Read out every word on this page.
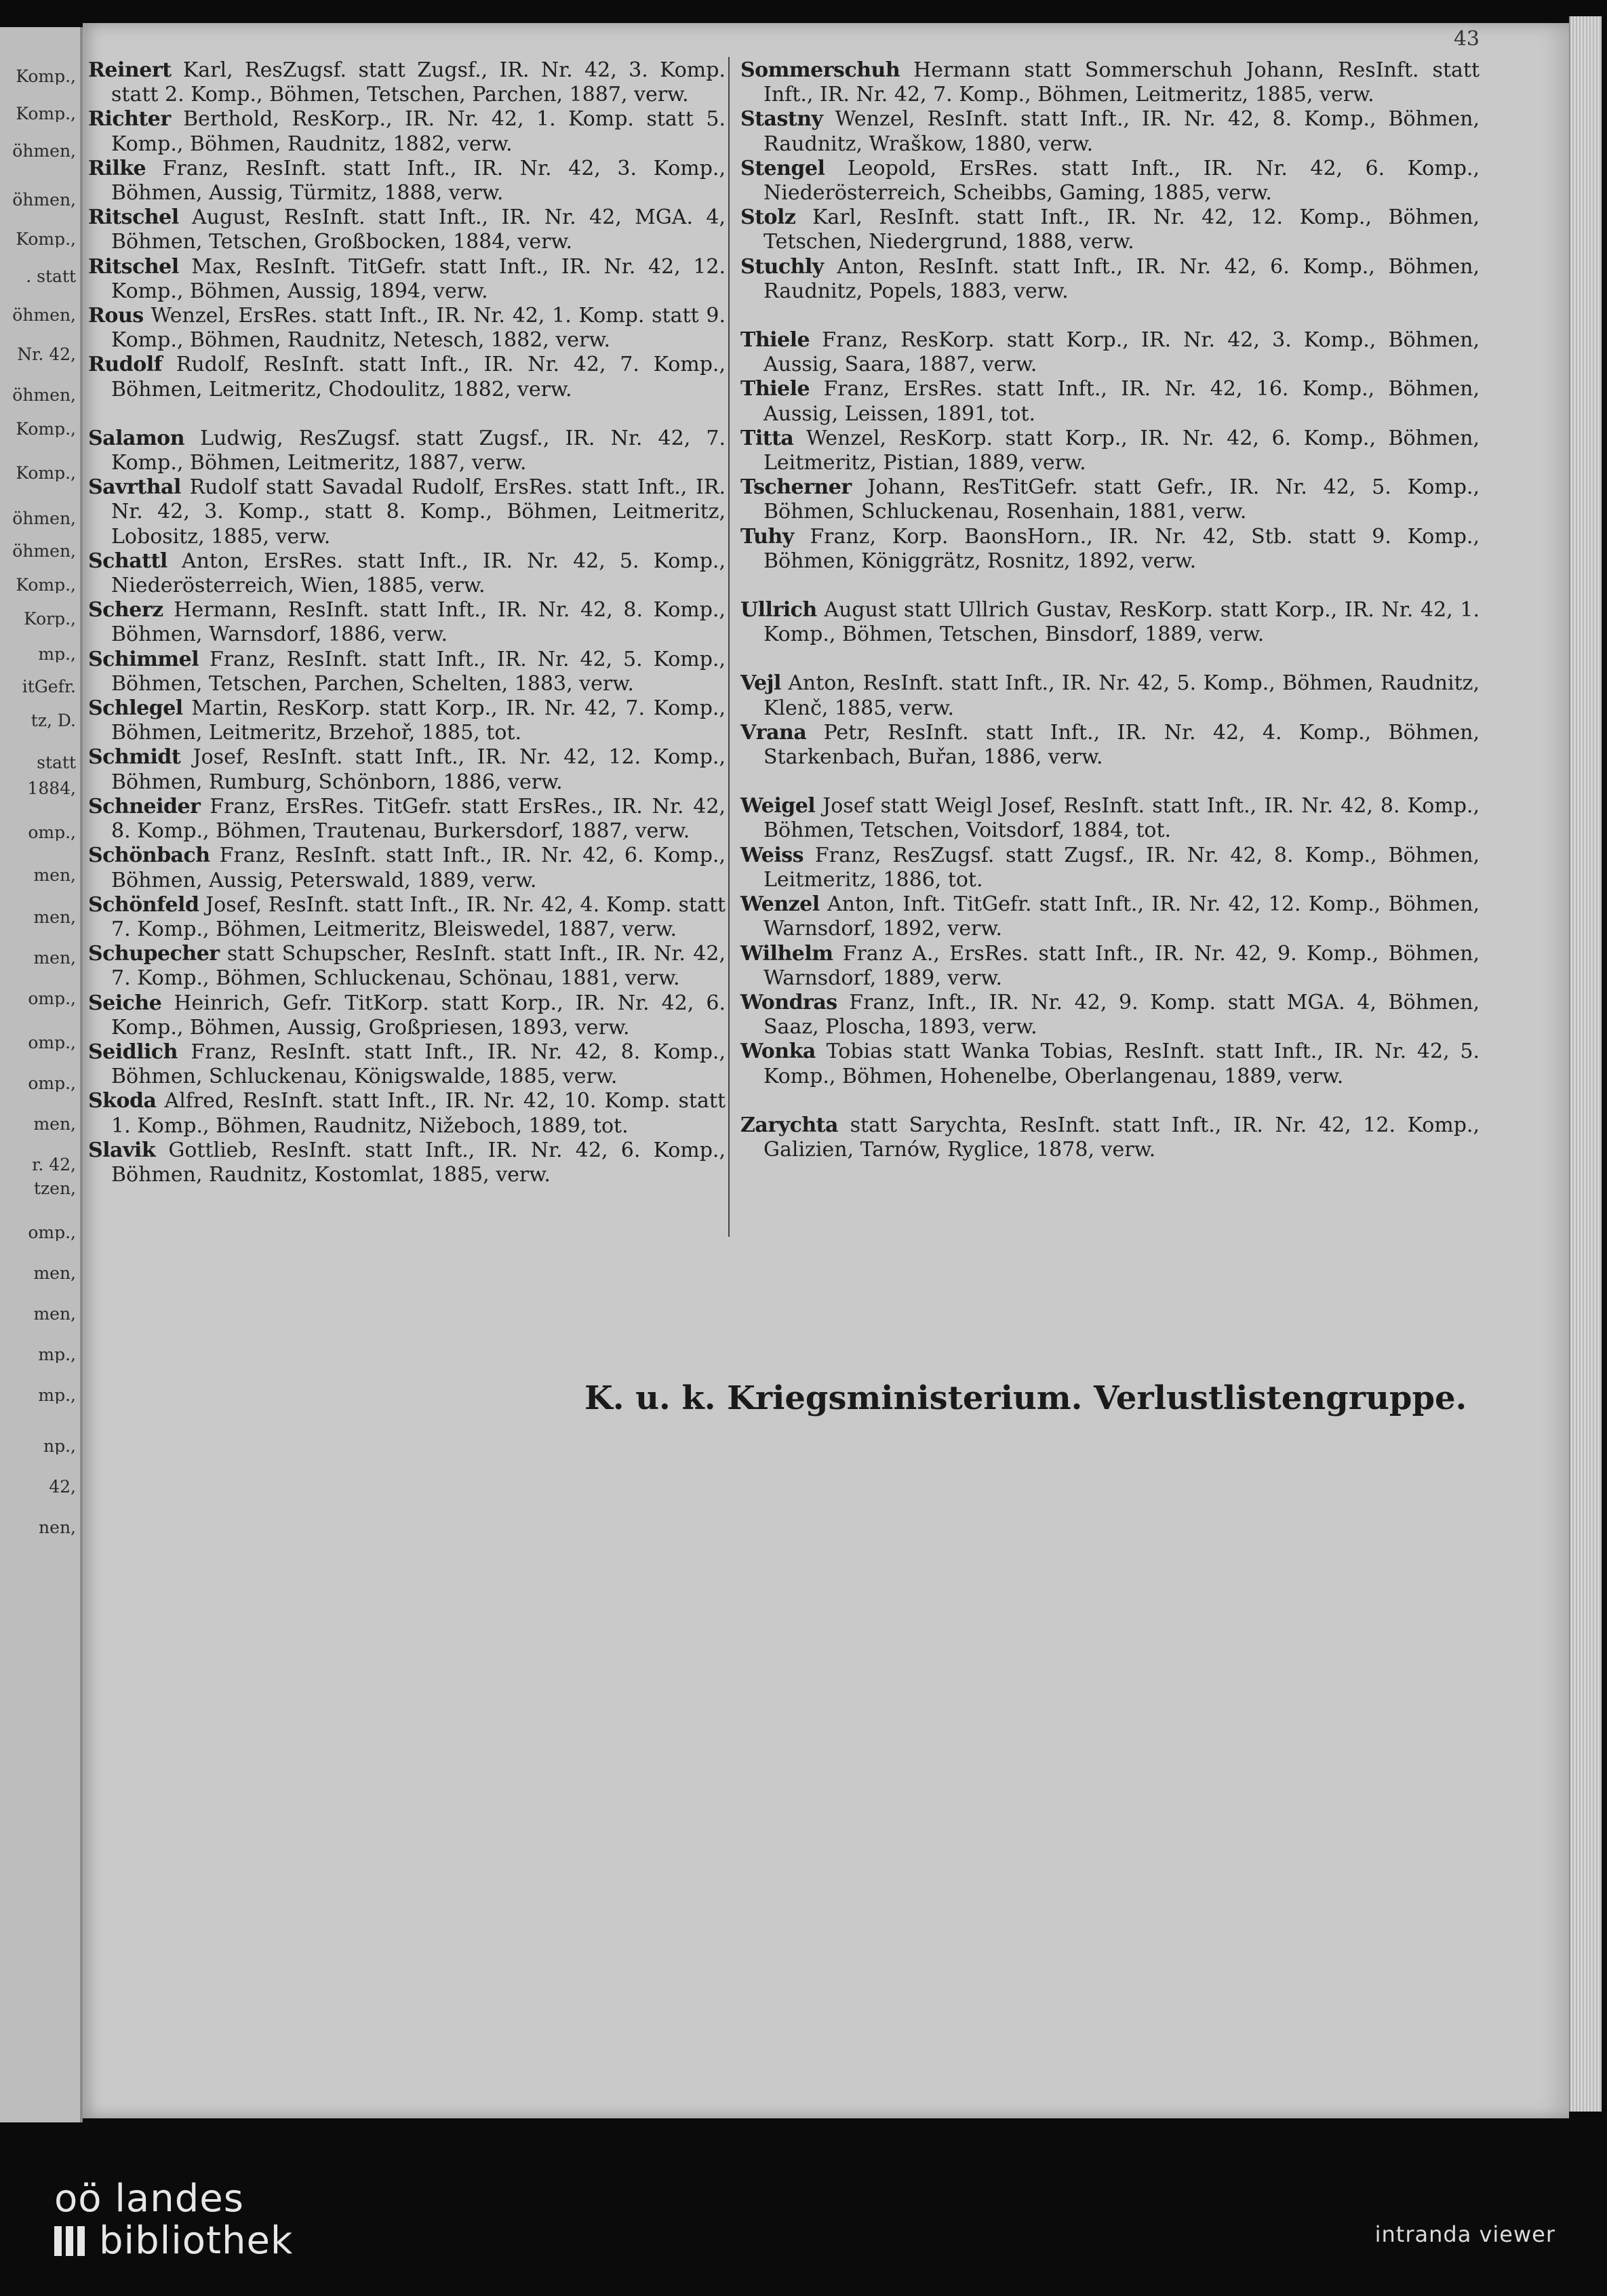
Komp.,
Komp.,
öhmen,
öhmen,
Komp.,
. statt
öhmen,
Nr. 42,
öhmen,
Komp.,
Komp.,
öhmen,
öhmen,
Komp.,
Korp.,
mp.,
itGefr.
tz, D.
statt
1884,
omp.,
men,
men,
men,
omp.,
omp.,
omp.,
men,
r. 42,
tzen,
omp.,
men,
men,
mp.,
mp.,
np.,
42,
nen,
43

Reinert Karl, ResZugsf. statt Zugsf., IR. Nr. 42, 3. Komp. statt 2. Komp., Böhmen, Tetschen, Parchen, 1887, verw.

Richter Berthold, ResKorp., IR. Nr. 42, 1. Komp. statt 5. Komp., Böhmen, Raudnitz, 1882, verw.

Rilke Franz, ResInft. statt Inft., IR. Nr. 42, 3. Komp., Böhmen, Aussig, Türmitz, 1888, verw.

Ritschel August, ResInft. statt Inft., IR. Nr. 42, MGA. 4, Böhmen, Tetschen, Großbocken, 1884, verw.

Ritschel Max, ResInft. TitGefr. statt Inft., IR. Nr. 42, 12. Komp., Böhmen, Aussig, 1894, verw.

Rous Wenzel, ErsRes. statt Inft., IR. Nr. 42, 1. Komp. statt 9. Komp., Böhmen, Raudnitz, Netesch, 1882, verw.

Rudolf Rudolf, ResInft. statt Inft., IR. Nr. 42, 7. Komp., Böhmen, Leitmeritz, Chodoulitz, 1882, verw.

Salamon Ludwig, ResZugsf. statt Zugsf., IR. Nr. 42, 7. Komp., Böhmen, Leitmeritz, 1887, verw.

Savrthal Rudolf statt Savadal Rudolf, ErsRes. statt Inft., IR. Nr. 42, 3. Komp., statt 8. Komp., Böhmen, Leitmeritz, Lobositz, 1885, verw.

Schattl Anton, ErsRes. statt Inft., IR. Nr. 42, 5. Komp., Niederösterreich, Wien, 1885, verw.

Scherz Hermann, ResInft. statt Inft., IR. Nr. 42, 8. Komp., Böhmen, Warnsdorf, 1886, verw.

Schimmel Franz, ResInft. statt Inft., IR. Nr. 42, 5. Komp., Böhmen, Tetschen, Parchen, Schelten, 1883, verw.

Schlegel Martin, ResKorp. statt Korp., IR. Nr. 42, 7. Komp., Böhmen, Leitmeritz, Brzehoř, 1885, tot.

Schmidt Josef, ResInft. statt Inft., IR. Nr. 42, 12. Komp., Böhmen, Rumburg, Schönborn, 1886, verw.

Schneider Franz, ErsRes. TitGefr. statt ErsRes., IR. Nr. 42, 8. Komp., Böhmen, Trautenau, Burkersdorf, 1887, verw.

Schönbach Franz, ResInft. statt Inft., IR. Nr. 42, 6. Komp., Böhmen, Aussig, Peterswald, 1889, verw.

Schönfeld Josef, ResInft. statt Inft., IR. Nr. 42, 4. Komp. statt 7. Komp., Böhmen, Leitmeritz, Bleiswedel, 1887, verw.

Schupecher statt Schupscher, ResInft. statt Inft., IR. Nr. 42, 7. Komp., Böhmen, Schluckenau, Schönau, 1881, verw.

Seiche Heinrich, Gefr. TitKorp. statt Korp., IR. Nr. 42, 6. Komp., Böhmen, Aussig, Großpriesen, 1893, verw.

Seidlich Franz, ResInft. statt Inft., IR. Nr. 42, 8. Komp., Böhmen, Schluckenau, Königswalde, 1885, verw.

Skoda Alfred, ResInft. statt Inft., IR. Nr. 42, 10. Komp. statt 1. Komp., Böhmen, Raudnitz, Nižeboch, 1889, tot.

Slavik Gottlieb, ResInft. statt Inft., IR. Nr. 42, 6. Komp., Böhmen, Raudnitz, Kostomlat, 1885, verw.

Sommerschuh Hermann statt Sommerschuh Johann, ResInft. statt Inft., IR. Nr. 42, 7. Komp., Böhmen, Leitmeritz, 1885, verw.

Stastny Wenzel, ResInft. statt Inft., IR. Nr. 42, 8. Komp., Böhmen, Raudnitz, Wraškow, 1880, verw.

Stengel Leopold, ErsRes. statt Inft., IR. Nr. 42, 6. Komp., Niederösterreich, Scheibbs, Gaming, 1885, verw.

Stolz Karl, ResInft. statt Inft., IR. Nr. 42, 12. Komp., Böhmen, Tetschen, Niedergrund, 1888, verw.

Stuchly Anton, ResInft. statt Inft., IR. Nr. 42, 6. Komp., Böhmen, Raudnitz, Popels, 1883, verw.

Thiele Franz, ResKorp. statt Korp., IR. Nr. 42, 3. Komp., Böhmen, Aussig, Saara, 1887, verw.

Thiele Franz, ErsRes. statt Inft., IR. Nr. 42, 16. Komp., Böhmen, Aussig, Leissen, 1891, tot.

Titta Wenzel, ResKorp. statt Korp., IR. Nr. 42, 6. Komp., Böhmen, Leitmeritz, Pistian, 1889, verw.

Tscherner Johann, ResTitGefr. statt Gefr., IR. Nr. 42, 5. Komp., Böhmen, Schluckenau, Rosenhain, 1881, verw.

Tuhy Franz, Korp. BaonsHorn., IR. Nr. 42, Stb. statt 9. Komp., Böhmen, Königgrätz, Rosnitz, 1892, verw.

Ullrich August statt Ullrich Gustav, ResKorp. statt Korp., IR. Nr. 42, 1. Komp., Böhmen, Tetschen, Binsdorf, 1889, verw.

Vejl Anton, ResInft. statt Inft., IR. Nr. 42, 5. Komp., Böhmen, Raudnitz, Klenč, 1885, verw.

Vrana Petr, ResInft. statt Inft., IR. Nr. 42, 4. Komp., Böhmen, Starkenbach, Buřan, 1886, verw.

Weigel Josef statt Weigl Josef, ResInft. statt Inft., IR. Nr. 42, 8. Komp., Böhmen, Tetschen, Voitsdorf, 1884, tot.

Weiss Franz, ResZugsf. statt Zugsf., IR. Nr. 42, 8. Komp., Böhmen, Leitmeritz, 1886, tot.

Wenzel Anton, Inft. TitGefr. statt Inft., IR. Nr. 42, 12. Komp., Böhmen, Warnsdorf, 1892, verw.

Wilhelm Franz A., ErsRes. statt Inft., IR. Nr. 42, 9. Komp., Böhmen, Warnsdorf, 1889, verw.

Wondras Franz, Inft., IR. Nr. 42, 9. Komp. statt MGA. 4, Böhmen, Saaz, Ploscha, 1893, verw.

Wonka Tobias statt Wanka Tobias, ResInft. statt Inft., IR. Nr. 42, 5. Komp., Böhmen, Hohenelbe, Oberlangenau, 1889, verw.

Zarychta statt Sarychta, ResInft. statt Inft., IR. Nr. 42, 12. Komp., Galizien, Tarnów, Ryglice, 1878, verw.

K. u. k. Kriegsministerium. Verlustlistengruppe.
oö landes
bibliothek	intranda viewer
